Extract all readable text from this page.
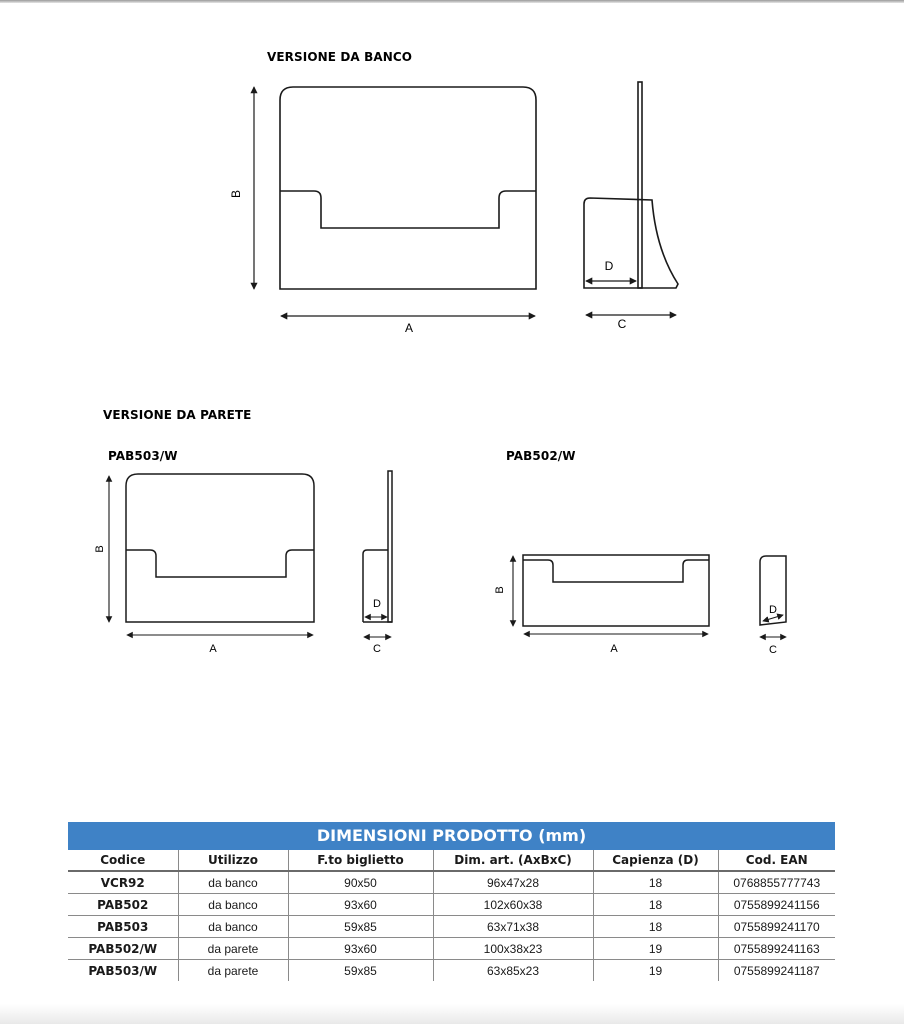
VERSIONE DA BANCO
VERSIONE DA PARETE
PAB503/W	PAB502/W
B
A
D
C
B
A
D
C
B
A
D
C
DIMENSIONI PRODOTTO (mm)
Codice	Utilizzo	F.to biglietto	Dim. art. (AxBxC)	Capienza (D)	Cod. EAN
VCR92	da banco	90x50	96x47x28	18	0768855777743
PAB502	da banco	93x60	102x60x38	18	0755899241156
PAB503	da banco	59x85	63x71x38	18	0755899241170
PAB502/W	da parete	93x60	100x38x23	19	0755899241163
PAB503/W	da parete	59x85	63x85x23	19	0755899241187
